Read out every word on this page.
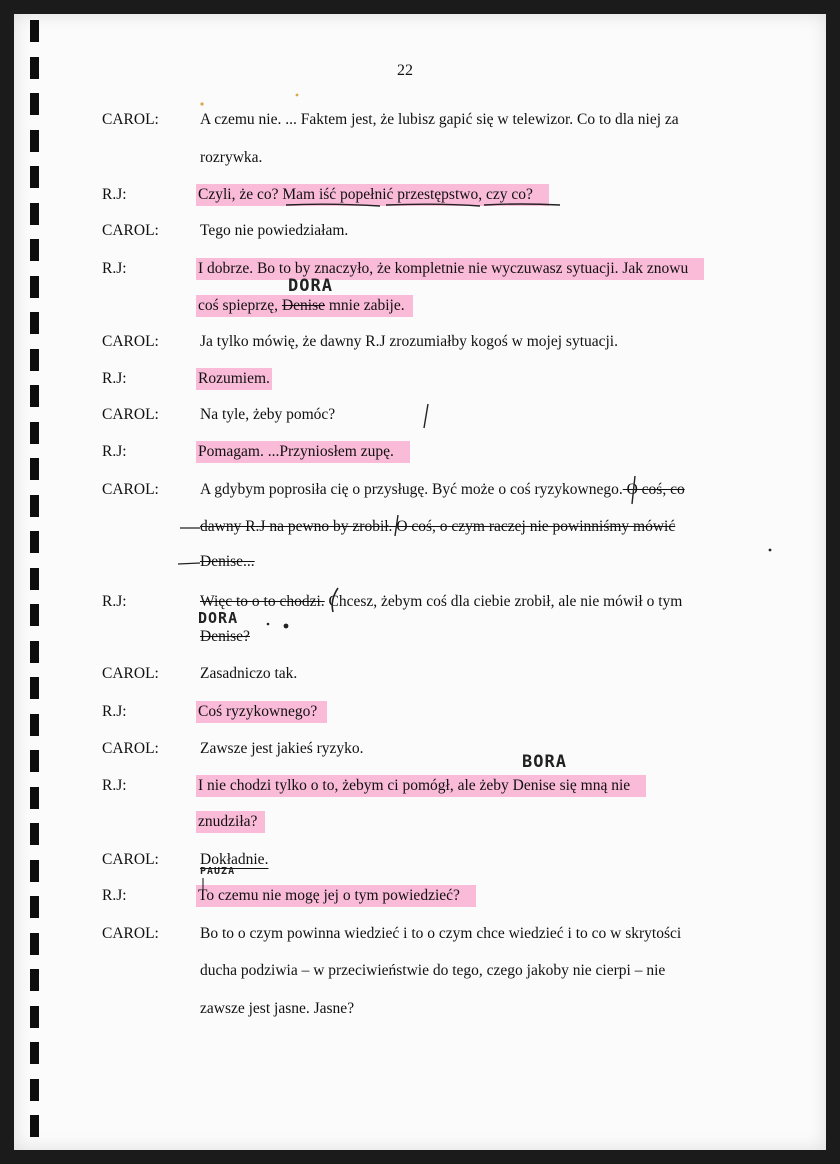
22
CAROL:	A czemu nie. ... Faktem jest, że lubisz gapić się w telewizor. Co to dla niej za
rozrywka.
R.J:	Czyli, że co? Mam iść popełnić przestępstwo, czy co?
CAROL:	Tego nie powiedziałam.
R.J:	I dobrze. Bo to by znaczyło, że kompletnie nie wyczuwasz sytuacji. Jak znowu
coś spieprzę, Denise mnie zabije.
DORA
CAROL:	Ja tylko mówię, że dawny R.J zrozumiałby kogoś w mojej sytuacji.
R.J:	Rozumiem.
CAROL:	Na tyle, żeby pomóc?
R.J:	Pomagam. ...Przyniosłem zupę.
CAROL:	A gdybym poprosiła cię o przysługę. Być może o coś ryzykownego. O coś, co
dawny R.J na pewno by zrobił. O coś, o czym raczej nie powinniśmy mówić
Denise...
R.J:	Więc to o to chodzi. Chcesz, żebym coś dla ciebie zrobił, ale nie mówił o tym
Denise?
DORA
CAROL:	Zasadniczo tak.
R.J:	Coś ryzykownego?
CAROL:	Zawsze jest jakieś ryzyko.
R.J:	I nie chodzi tylko o to, żebym ci pomógł, ale żeby Denise się mną nie
znudziła?
BORA
CAROL:	Dokładnie.
R.J:	To czemu nie mogę jej o tym powiedzieć?
PAUZA
CAROL:	Bo to o czym powinna wiedzieć i to o czym chce wiedzieć i to co w skrytości
ducha podziwia – w przeciwieństwie do tego, czego jakoby nie cierpi – nie
zawsze jest jasne. Jasne?
